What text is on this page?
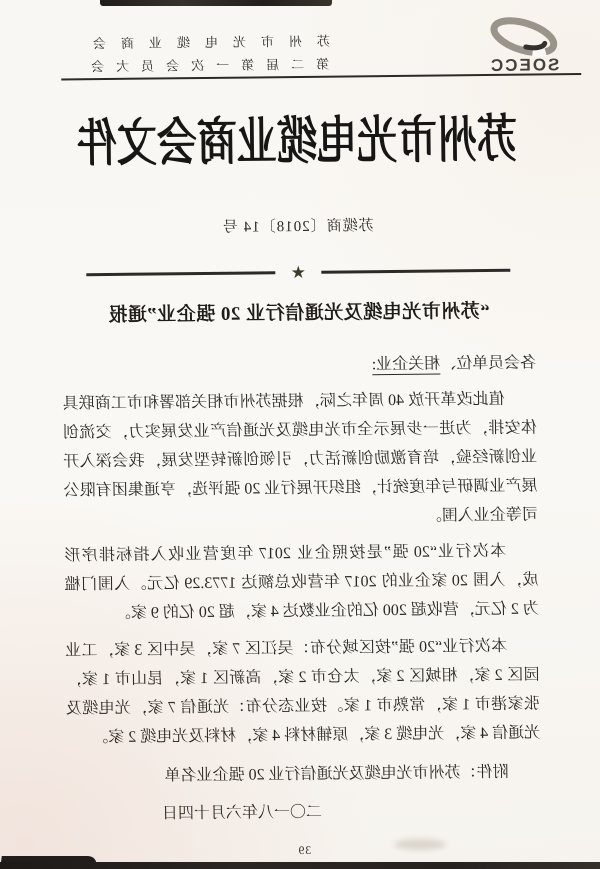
SOECC
苏州市光电缆业商会
第二届第一次会员大会
苏州市光电缆业商会文件
苏缆商〔2018〕14 号
★
“苏州市光电缆及光通信行业 20 强企业”通报
各会员单位、相关企业:

值此改革开放 40 周年之际，根据苏州市相关部署和市工商联具体安排，为进一步展示全市光电缆及光通信产业发展实力，交流创业创新经验，培育激励创新活力，引领创新转型发展，我会深入开展产业调研与年度统计，组织开展行业 20 强评选，亨通集团有限公司等企业入围。

本次行业“20 强”是按照企业 2017 年度营业收入指标排序形成，入围 20 家企业的 2017 年营收总额达 1773.29 亿元。入围门槛为 2 亿元，营收超 200 亿的企业数达 4 家，超 20 亿的 9 家。

本次行业“20 强”按区域分布：吴江区 7 家，吴中区 3 家，工业园区 2 家，相城区 2 家，太仓市 2 家，高新区 1 家，昆山市 1 家，张家港市 1 家，常熟市 1 家。按业态分布：光通信 7 家，光电缆及光通信 4 家，光电缆 3 家，原辅材料 4 家，材料及光电缆 2 家。

附件：苏州市光电缆及光通信行业 20 强企业名单
二〇一八年六月十四日
39
